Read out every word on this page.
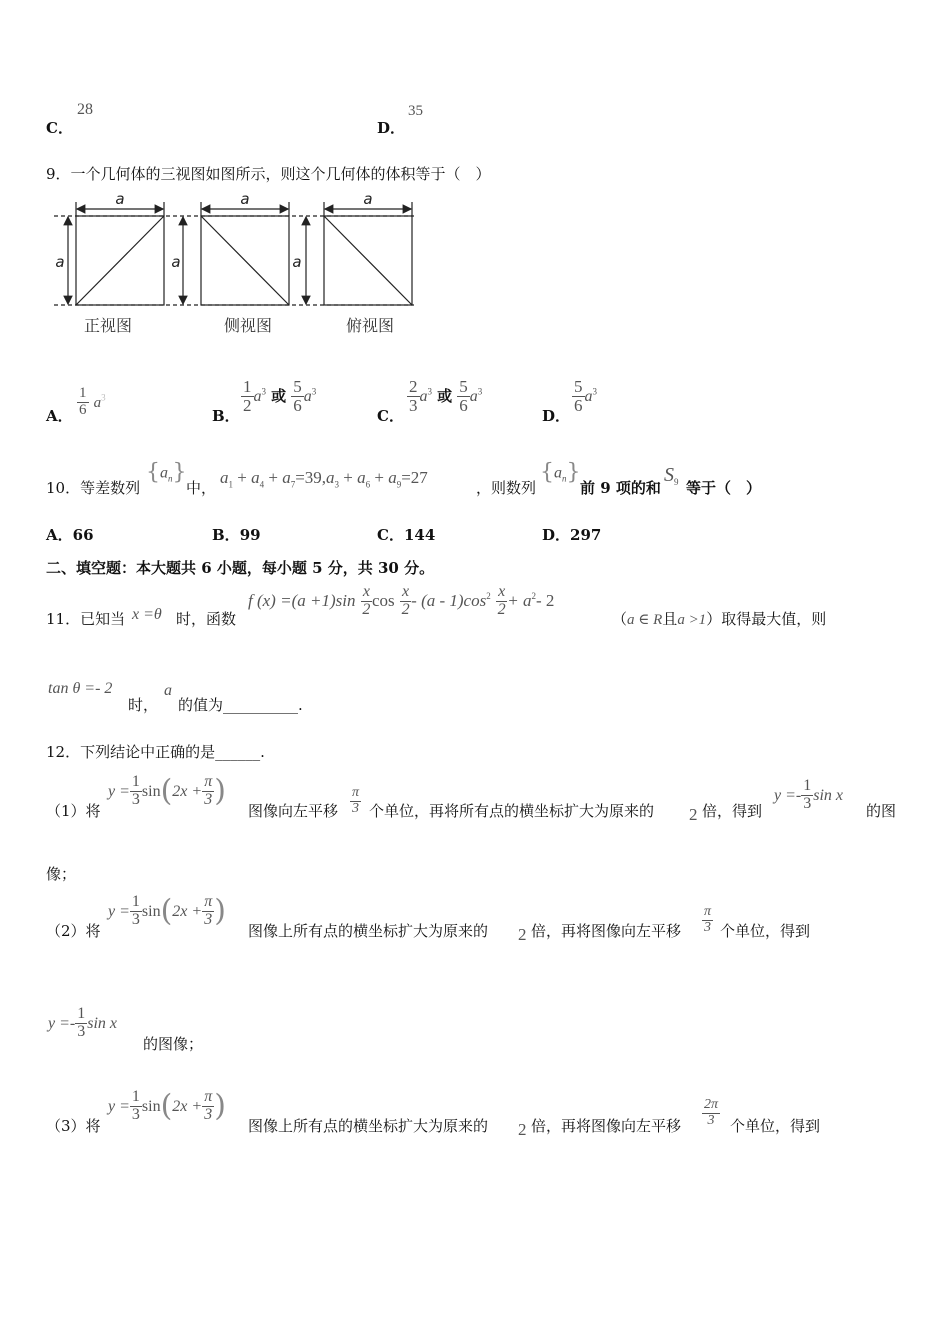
C．
28
D．
35
9．一个几何体的三视图如图所示，则这个几何体的体积等于（　）
a	a	a
a	a	a
正视图	侧视图	俯视图
A． $\frac{1}{6} a^3$
B．
$\frac{1}{2} a^3$ 或 $\frac{5}{6} a^3$
C．
$\frac{2}{3} a^3$ 或 $\frac{5}{6} a^3$
D．
$\frac{5}{6} a^3$
10．等差数列
$\{a_n\}$
中，
$a_1 + a_4 + a_7=39,a_3 + a_6 + a_9=27$
，则数列
$\{a_n\}$
前 9 项的和
$S_9$ 等于（　）
A．66	B．99	C．144	D．297
二、填空题：本大题共 6 小题，每小题 5 分，共 30 分。
11．已知当 x =θ 时，函数
f $(x) =(a +1)\sin \frac{x}{2}$ $\cos \frac{x}{2} - (a - 1)\cos^2 \frac{x}{2} + a^2-$ 2
（a ∈ R且a >1）取得最大值，则
tan θ =- 2
时，
a
的值为__________.
12．下列结论中正确的是______.
（1）将
$y = \frac{1}{3} \sin(2x + \frac{\pi}{3}$ )
图像向左平移 $\frac{\pi}{3}$ 个单位，再将所有点的横坐标扩大为原来的 2 倍，得到
$y =- \frac{1}{3}$ sin x
的图
像；
（2）将
$y = \frac{1}{3} \sin(2x + \frac{\pi}{3}$ )
图像上所有点的横坐标扩大为原来的 2 倍，再将图像向左平移 $\frac{\pi}{3}$ 个单位，得到
$y =- \frac{1}{3}$ sin x
的图像；
（3）将
$y = \frac{1}{3} \sin(2x + \frac{\pi}{3}$ )
图像上所有点的横坐标扩大为原来的 2 倍，再将图像向左平移 $\frac{2\pi}{3}$ 个单位，得到
